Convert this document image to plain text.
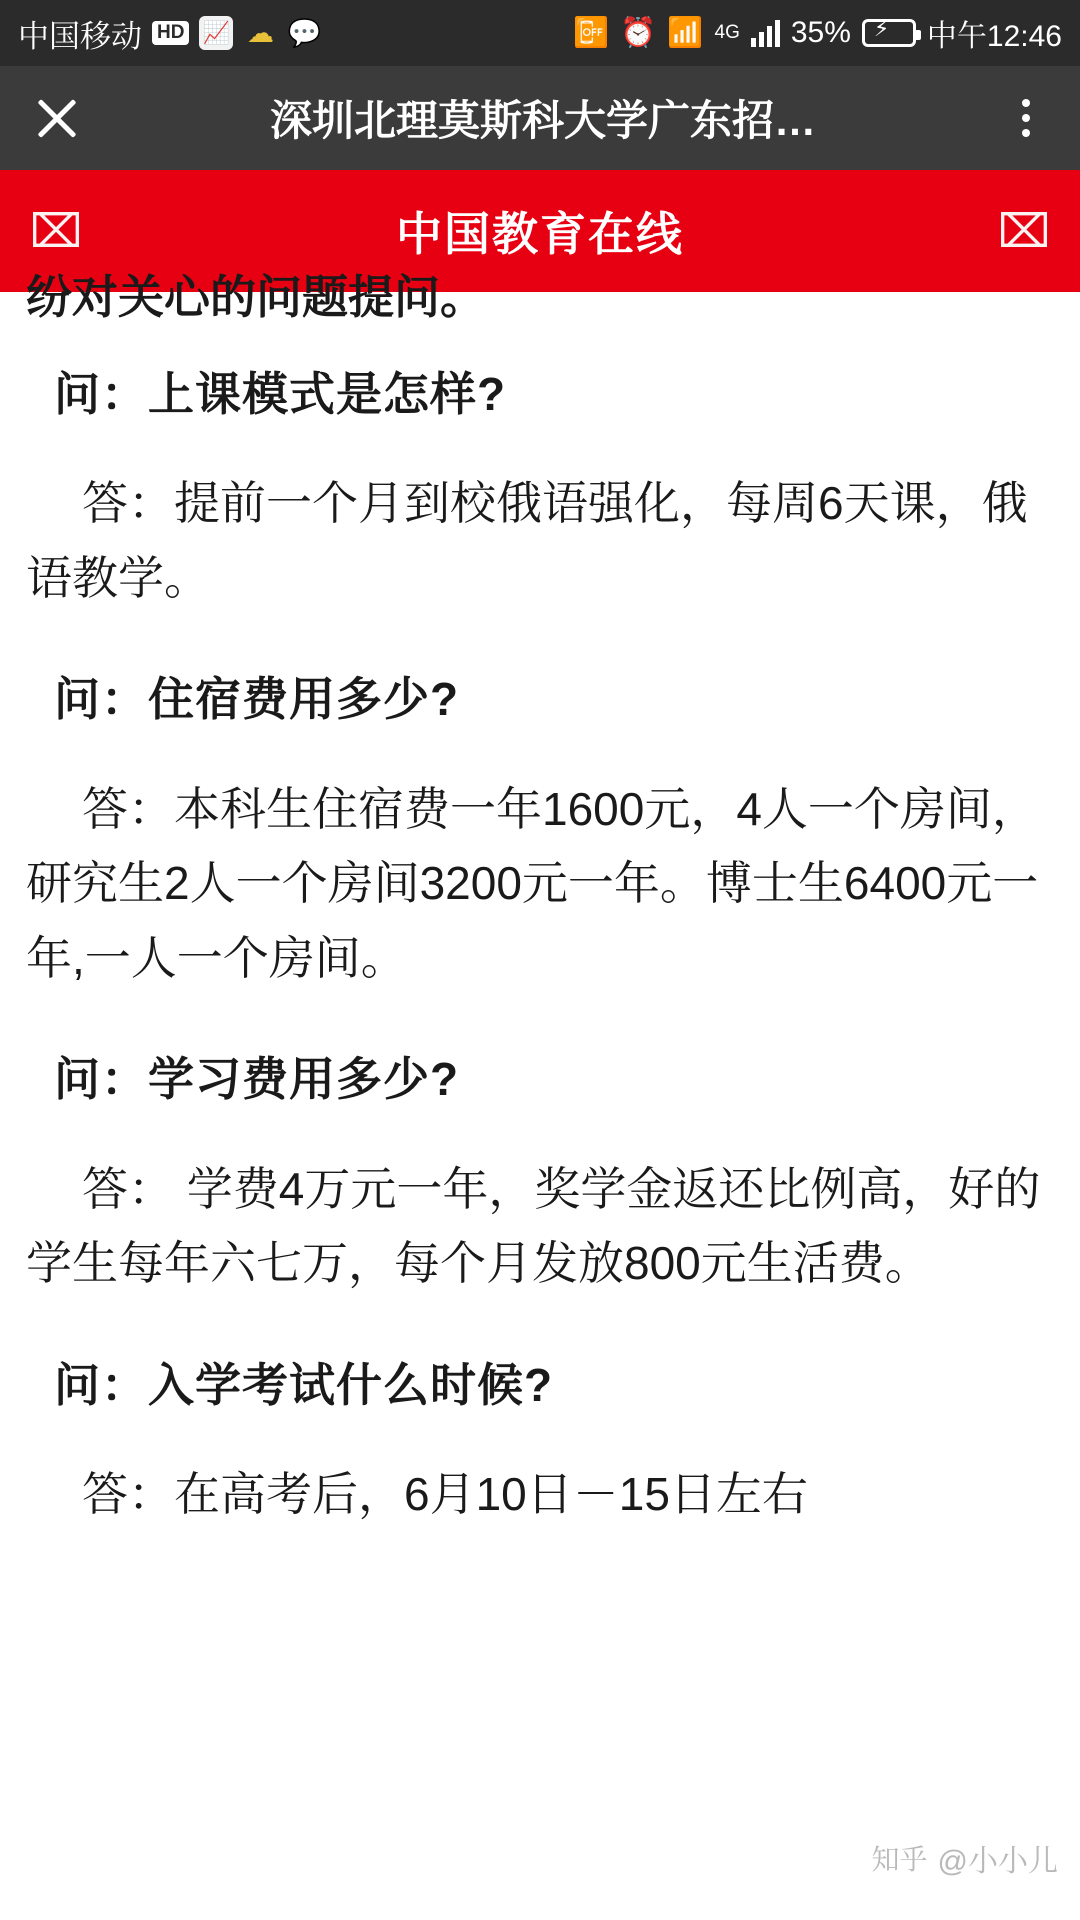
中国移动 HD 📈 ☁ 💬	📴 ⏰ 📶 4G 35% ⚡ 中午12:46
深圳北理莫斯科大学广东招…
⌧	中国教育在线	⌧
纷对关心的问题提问。

问：上课模式是怎样?

答：提前一个月到校俄语强化，每周6天课，俄语教学。

问：住宿费用多少?

答：本科生住宿费一年1600元，4人一个房间，研究生2人一个房间3200元一年。博士生6400元一年,一人一个房间。

问：学习费用多少?

答： 学费4万元一年，奖学金返还比例高，好的学生每年六七万，每个月发放800元生活费。

问：入学考试什么时候?

答：在高考后，6月10日－15日左右

知乎 @小小儿
